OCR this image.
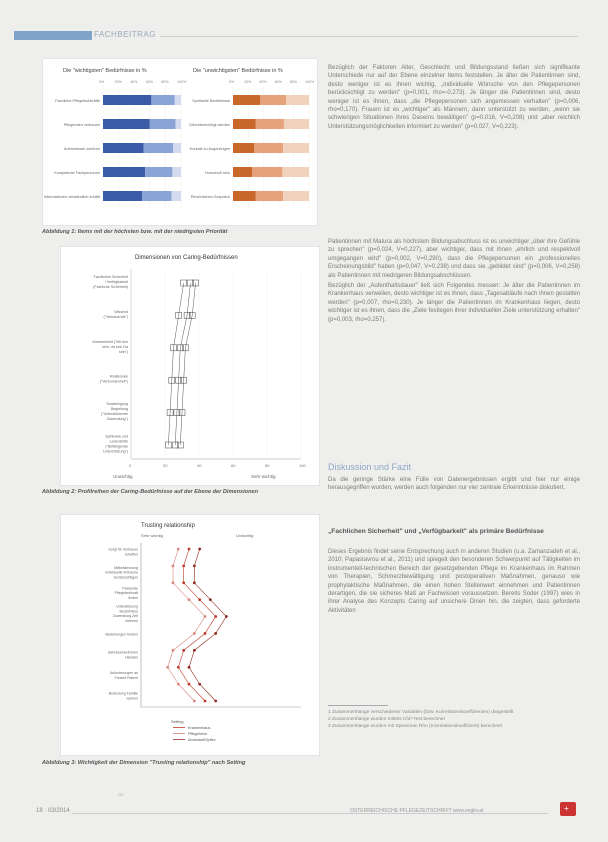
FACHBEITRAG
Die "wichtigsten" Bedürfnisse in %	Die "unwichtigsten" Bedürfnisse in %
0%	20% 40% 60% 80% 100%
Fachliche Pflegefachkräfte
Pflegenden vertrauen
Aufmerksam zuhören
Kompetente Fachpersonen
Informationen verständlich erklärt
0%	20% 40% 60% 80% 100%
Spirituelle Bedürfnisse
Gleichberechtigt werden
Kontakt zu Angehörigen
Humorvoll sein
Persönliches Gespräch
Abbildung 1: Items mit der höchsten bzw. mit der niedrigsten Priorität
Dimensionen von Caring-Bedürfnissen
0	20	40	60	80	100
Fachlichen Sicherheit
/ Verfügbarkeit
(Fachliche Sicherheit)
Wissend
("Vertrauende")
Anwesenheit ("Mit ihm
sein, da sein Da
sein")
Relationale
("Verbundenheit")
Trostbringung
Begleitung
("Unterstützende
Zuwendung")
Spirituelle und
Lebenshilfe
("Befähigende
Unterstützung")
Unwichtig	Sehr wichtig
Abbildung 2: Profilreihen der Caring-Bedürfnisse auf der Ebene der Dimensionen
Trusting relationship
Sehr wichtig	Unwichtig
Sorgt für Vertrauen
schaffen
Mitbestimmung
Individuelle Wünsche
berücksichtigen
Passende
Pflegefachkraft
finden
Unterstützung
Bedürfnisse
Zuwendung Zeit
nehmen
Beziehungen fördern
Behutsamkeit beim
Handeln
Anforderungen an
Freizeit Patient
Bedeutung Familie
wahren
Setting
Krankenhaus
Pflegeheim
Ambulant/Spitex
Abbildung 3: Wichtigkeit der Dimension "Trusting relationship" nach Setting

Bezüglich der Faktoren Alter, Geschlecht und Bildungsstand ließen sich signifikante Unterschiede nur auf der Ebene einzelner Items feststellen. Je älter die Patientinnen sind, desto weniger ist es ihnen wichtig, „individuelle Wünsche von den Pflegepersonen berücksichtigt zu werden" (p=0,001, rho=-0,273). Je länger die Patientinnen sind, desto weniger ist es ihnen, dass „die Pflegepersonen sich angemessen verhalten" (p=0,006, rho=0,170). Frauen ist es „wichtiger" als Männern, dann unterstützt zu werden, „wenn sie schwierigen Situationen ihres Daseins bewältigen" (p=0,016, V=0,208) und „aber reichlich Unterstützungsmöglichkeiten informiert zu werden" (p=0,027, V=0,223).

Patientinnen mit Matura als höchstem Bildungsabschluss ist es unwichtiger „über ihre Gefühle zu sprechen" (p=0,024, V=0,227), aber wichtiger, dass mit ihnen „ehrlich und respektvoll umgegangen wird" (p=0,002, V=0,290), dass die Pflegepersonen ein „professionelles Erscheinungsbild" haben (p=0,047, V=0,238) und dass sie „gebildet sind" (p=0,006, V=0,258) als Patientinnen mit niedrigeren Bildungsabschlüssen.

Bezüglich der „Aufenthaltsdauer" ließ sich Folgendes messen: Je älter die Patientinnen im Krankenhaus verweilen, desto wichtiger ist es ihnen, dass „Tagesabläufe nach ihnen gestalten werden" (p=0,007, rho=0,230). Je länger die Patientinnen im Krankenhaus liegen, desto wichtiger ist es ihnen, dass die „Ziele festlegen ihrer individuellen Ziele unterstützung erhalten" (p=0,003, rho=0,257).

Diskussion und Fazit

Da die geringe Stärke eine Fülle von Datenergebnissen ergibt und hier nur einige herausgegriffen wurden, werden auch folgenden nur vier zentrale Erkenntnisse diskutiert.

„Fachlichen Sicherheit" und „Verfügbarkeit" als primäre Bedürfnisse

Dieses Ergebnis findet seine Entsprechung auch in anderen Studien (u.a. Zamanzadeh et al., 2010; Papastavrou et al., 2011) und spiegelt den besonderen Schwerpunkt auf Tätigkeiten im instrumentell-technischen Bereich der gesetzgebenden Pflege im Krankenhaus im Rahmen von Therapien, Schmerzbewältigung und postoperativen Maßnahmen, genauso wie prophylaktische Maßnahmen, die einen hohen Stellenwert einnehmen und Patientinnen derartigen, die sie sicheres Maß an Fachwissen voraussetzen. Bereits Soder (1997) wies in ihrer Analyse des Konzepts Caring auf unsichere Dinen hin, die zeigten, dass geforderte Aktivitäten

1 Zusammenhänge verschiedener Variablen (bzw. Korrelationskoeffizienten) dargestellt
2 Zusammenhänge wurden mittels Chi²-Test berechnet
3 Zusammenhänge wurden mit Spearman Rho (Korrelationskoeffizient) berechnet
ÖZ
18 · 03/2014	ÖSTERREICHISCHE PFLEGEZEITSCHRIFT www.oegkv.at	+
